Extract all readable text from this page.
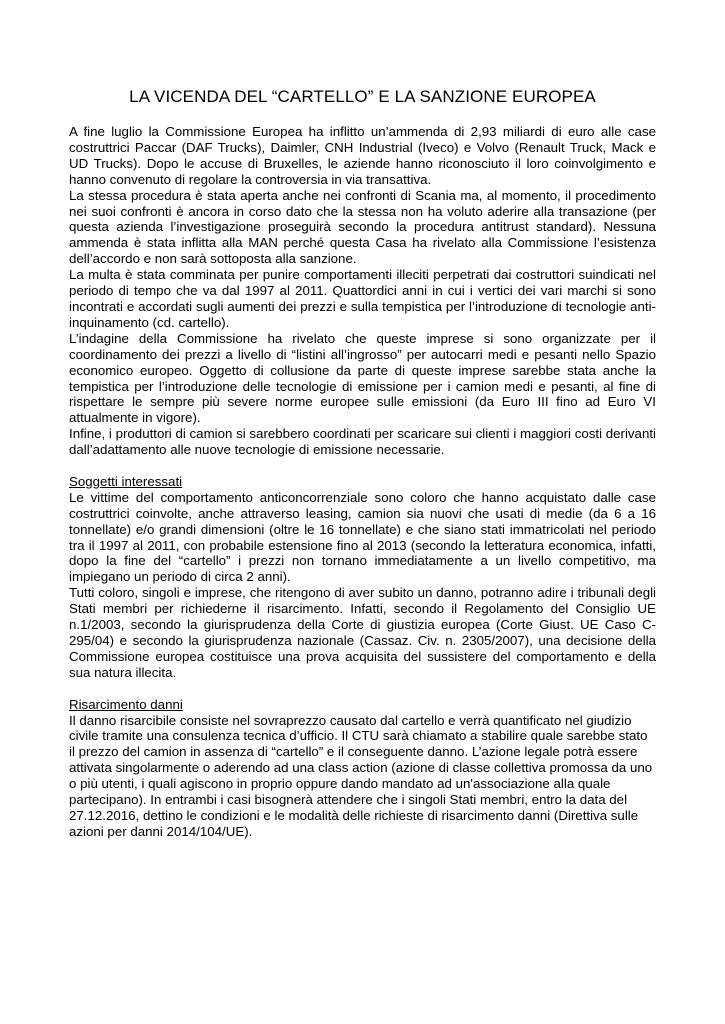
LA VICENDA DEL “CARTELLO” E LA SANZIONE EUROPEA

A fine luglio la Commissione Europea ha inflitto un’ammenda di 2,93 miliardi di euro alle case costruttrici Paccar (DAF Trucks), Daimler, CNH Industrial (Iveco) e Volvo (Renault Truck, Mack e UD Trucks). Dopo le accuse di Bruxelles, le aziende hanno riconosciuto il loro coinvolgimento e hanno convenuto di regolare la controversia in via transattiva.

La stessa procedura è stata aperta anche nei confronti di Scania ma, al momento, il procedimento nei suoi confronti è ancora in corso dato che la stessa non ha voluto aderire alla transazione (per questa azienda l’investigazione proseguirà secondo la procedura antitrust standard). Nessuna ammenda è stata inflitta alla MAN perché questa Casa ha rivelato alla Commissione l’esistenza dell’accordo e non sarà sottoposta alla sanzione.

La multa è stata comminata per punire comportamenti illeciti perpetrati dai costruttori suindicati nel periodo di tempo che va dal 1997 al 2011. Quattordici anni in cui i vertici dei vari marchi si sono incontrati e accordati sugli aumenti dei prezzi e sulla tempistica per l’introduzione di tecnologie anti-inquinamento (cd. cartello).

L’indagine della Commissione ha rivelato che queste imprese si sono organizzate per il coordinamento dei prezzi a livello di “listini all’ingrosso” per autocarri medi e pesanti nello Spazio economico europeo. Oggetto di collusione da parte di queste imprese sarebbe stata anche la tempistica per l’introduzione delle tecnologie di emissione per i camion medi e pesanti, al fine di rispettare le sempre più severe norme europee sulle emissioni (da Euro III fino ad Euro VI attualmente in vigore).

Infine, i produttori di camion si sarebbero coordinati per scaricare sui clienti i maggiori costi derivanti dall’adattamento alle nuove tecnologie di emissione necessarie.

Soggetti interessati

Le vittime del comportamento anticoncorrenziale sono coloro che hanno acquistato dalle case costruttrici coinvolte, anche attraverso leasing, camion sia nuovi che usati di medie (da 6 a 16 tonnellate) e/o grandi dimensioni (oltre le 16 tonnellate) e che siano stati immatricolati nel periodo tra il 1997 al 2011, con probabile estensione fino al 2013 (secondo la letteratura economica, infatti, dopo la fine del “cartello” i prezzi non tornano immediatamente a un livello competitivo, ma impiegano un periodo di circa 2 anni).

Tutti coloro, singoli e imprese, che ritengono di aver subito un danno, potranno adire i tribunali degli Stati membri per richiederne il risarcimento. Infatti, secondo il Regolamento del Consiglio UE n.1/2003, secondo la giurisprudenza della Corte di giustizia europea (Corte Giust. UE Caso C-295/04) e secondo la giurisprudenza nazionale (Cassaz. Civ. n. 2305/2007), una decisione della Commissione europea costituisce una prova acquisita del sussistere del comportamento e della sua natura illecita.

Risarcimento danni

Il danno risarcibile consiste nel sovraprezzo causato dal cartello e verrà quantificato nel giudizio civile tramite una consulenza tecnica d’ufficio. Il CTU sarà chiamato a stabilire quale sarebbe stato il prezzo del camion in assenza di “cartello” e il conseguente danno. L’azione legale potrà essere attivata singolarmente o aderendo ad una class action (azione di classe collettiva promossa da uno o più utenti, i quali agiscono in proprio oppure dando mandato ad un'associazione alla quale partecipano). In entrambi i casi bisognerà attendere che i singoli Stati membri, entro la data del 27.12.2016, dettino le condizioni e le modalità delle richieste di risarcimento danni (Direttiva sulle azioni per danni 2014/104/UE).
